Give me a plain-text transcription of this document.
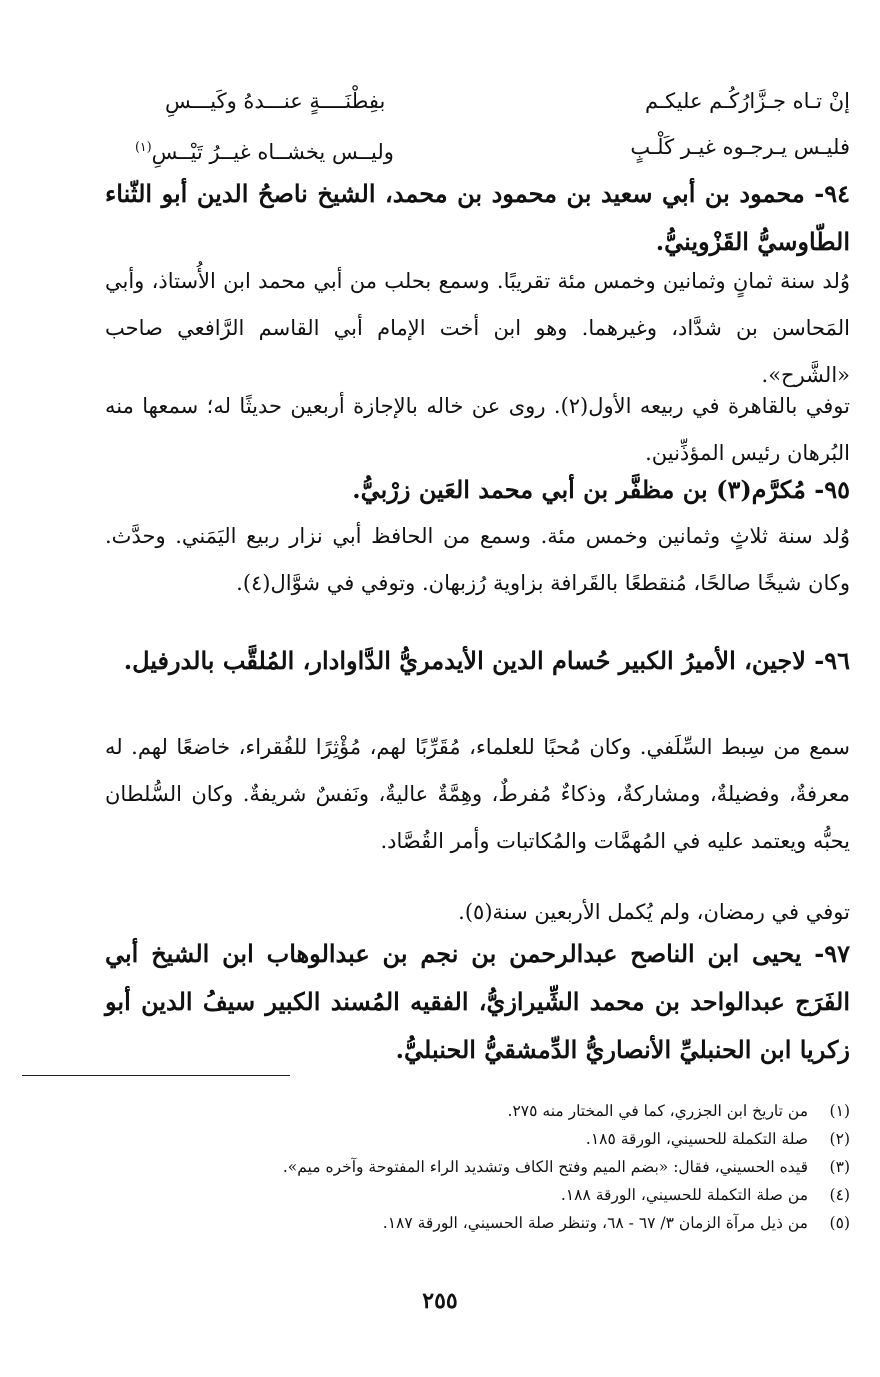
إنْ تـاه جـزَّارُكُـم عليكـم
بفِطْنَــــةٍ عنـــدهُ وكَيـــسِ
فليـس يـرجـوه غيـر كَلْـبٍ
وليــس يخشــاه غيــرُ تَيْــسِ$^{(١)}$
٩٤- محمود بن أبي سعيد بن محمود بن محمد، الشيخ ناصحُ الدين أبو الثّناء الطّاوسيُّ القَزْوينيُّ.
وُلد سنة ثمانٍ وثمانين وخمس مئة تقريبًا. وسمع بحلب من أبي محمد ابن الأُستاذ، وأبي المَحاسن بن شدَّاد، وغيرهما. وهو ابن أخت الإمام أبي القاسم الرَّافعي صاحب «الشَّرح».
توفي بالقاهرة في ربيعه الأول(٢). روى عن خاله بالإجازة أربعين حديثًا له؛ سمعها منه البُرهان رئيس المؤذِّنين.
٩٥- مُكرَّم(٣) بن مظفَّر بن أبي محمد العَين زرْبيُّ.
وُلد سنة ثلاثٍ وثمانين وخمس مئة. وسمع من الحافظ أبي نزار ربيع اليَمَني. وحدَّث. وكان شيخًا صالحًا، مُنقطعًا بالقَرافة بزاوية رُزبهان. وتوفي في شوَّال(٤).
٩٦- لاجين، الأميرُ الكبير حُسام الدين الأيدمريُّ الدَّاوادار، المُلقَّب بالدرفيل.
سمع من سِبط السِّلَفي. وكان مُحبًا للعلماء، مُقَرِّبًا لهم، مُؤْثِرًا للفُقراء، خاضعًا لهم. له معرفةٌ، وفضيلةٌ، ومشاركةٌ، وذكاءٌ مُفرطٌ، وهِمَّةٌ عاليةٌ، ونَفسٌ شريفةٌ. وكان السُّلطان يحبُّه ويعتمد عليه في المُهمَّات والمُكاتبات وأمر القُصَّاد.
توفي في رمضان، ولم يُكمل الأربعين سنة(٥).
٩٧- يحيى ابن الناصح عبدالرحمن بن نجم بن عبدالوهاب ابن الشيخ أبي الفَرَج عبدالواحد بن محمد الشِّيرازيُّ، الفقيه المُسند الكبير سيفُ الدين أبو زكريا ابن الحنبليِّ الأنصاريُّ الدِّمشقيُّ الحنبليُّ.
(١)
من تاريخ ابن الجزري، كما في المختار منه ٢٧٥.
(٢)
صلة التكملة للحسيني، الورقة ١٨٥.
(٣)
قيده الحسيني، فقال: «بضم الميم وفتح الكاف وتشديد الراء المفتوحة وآخره ميم».
(٤)
من صلة التكملة للحسيني، الورقة ١٨٨.
(٥)
من ذيل مرآة الزمان ٣/ ٦٧ - ٦٨، وتنظر صلة الحسيني، الورقة ١٨٧.
٢٥٥
